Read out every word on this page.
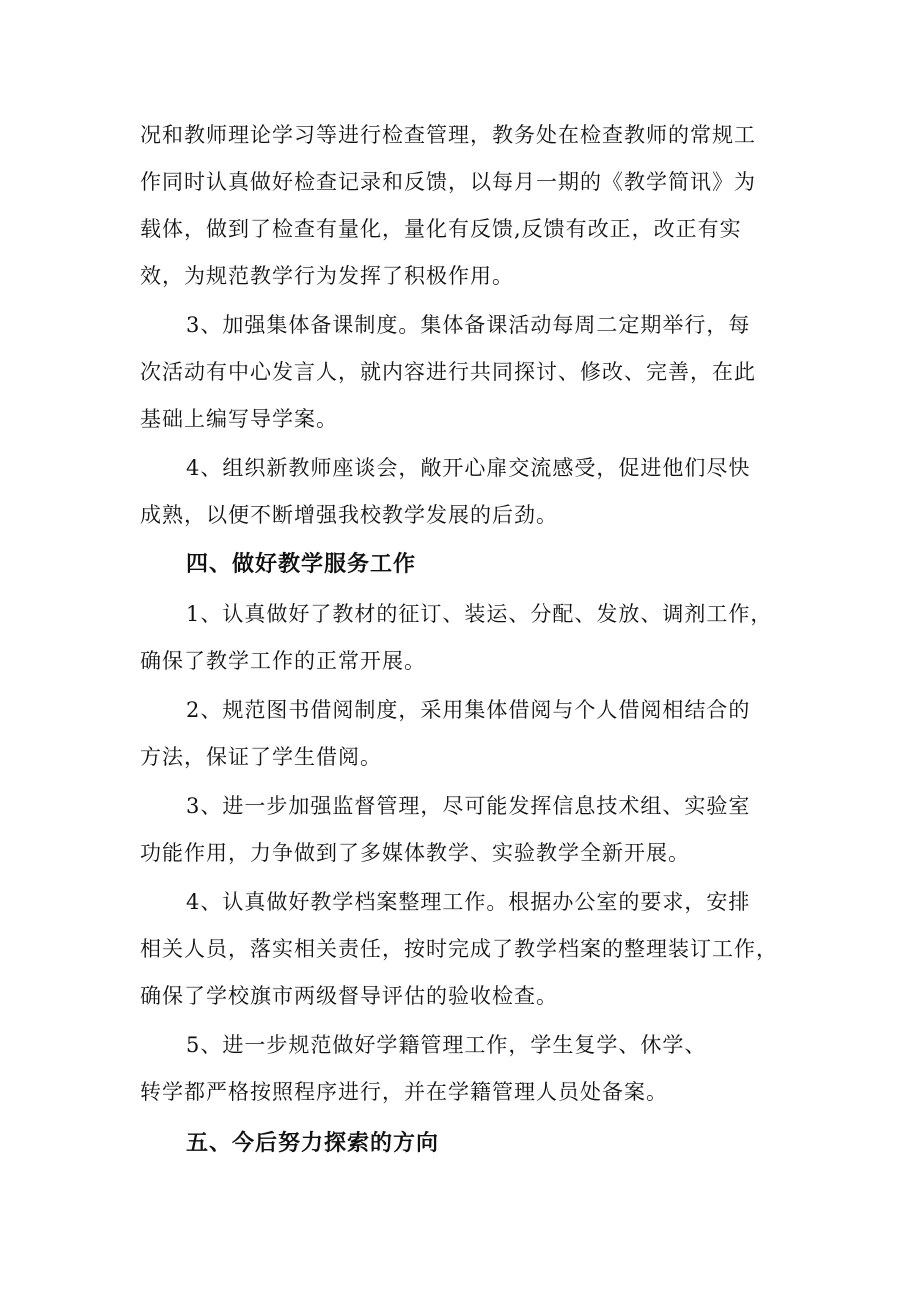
况和教师理论学习等进行检查管理，教务处在检查教师的常规工
作同时认真做好检查记录和反馈，以每月一期的《教学简讯》为
载体，做到了检查有量化，量化有反馈,反馈有改正，改正有实
效，为规范教学行为发挥了积极作用。

3、加强集体备课制度。集体备课活动每周二定期举行，每
次活动有中心发言人，就内容进行共同探讨、修改、完善，在此
基础上编写导学案。

4、组织新教师座谈会，敞开心扉交流感受，促进他们尽快
成熟，以便不断增强我校教学发展的后劲。

四、做好教学服务工作

1、认真做好了教材的征订、装运、分配、发放、调剂工作，
确保了教学工作的正常开展。

2、规范图书借阅制度，采用集体借阅与个人借阅相结合的
方法，保证了学生借阅。

3、进一步加强监督管理，尽可能发挥信息技术组、实验室
功能作用，力争做到了多媒体教学、实验教学全新开展。

4、认真做好教学档案整理工作。根据办公室的要求，安排
相关人员，落实相关责任，按时完成了教学档案的整理装订工作，
确保了学校旗市两级督导评估的验收检查。

5、进一步规范做好学籍管理工作，学生复学、休学、
转学都严格按照程序进行，并在学籍管理人员处备案。

五、今后努力探索的方向
